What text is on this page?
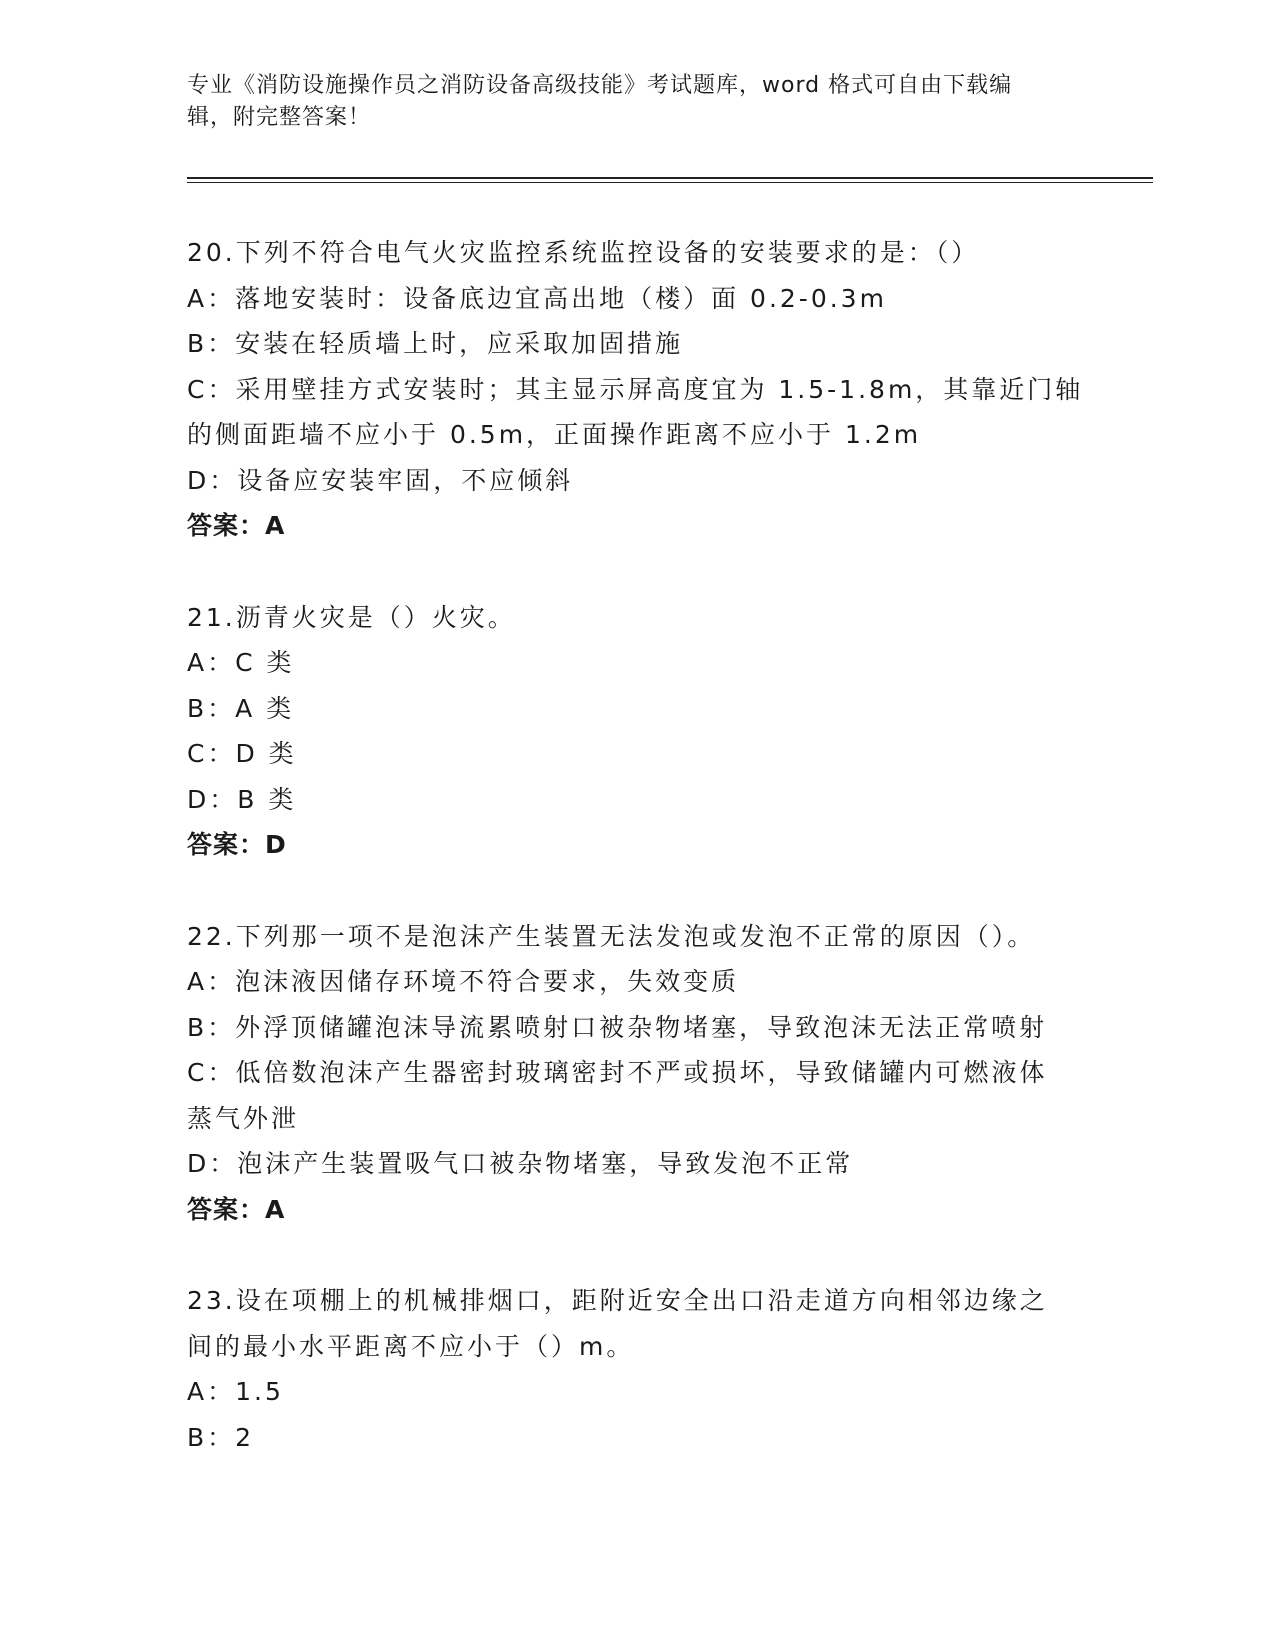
专业《消防设施操作员之消防设备高级技能》考试题库，word 格式可自由下载编
辑，附完整答案！
20.下列不符合电气火灾监控系统监控设备的安装要求的是：（）
A：落地安装时：设备底边宜高出地（楼）面 0.2-0.3m
B：安装在轻质墙上时，应采取加固措施
C：采用壁挂方式安装时；其主显示屏高度宜为 1.5-1.8m，其靠近门轴
的侧面距墙不应小于 0.5m，正面操作距离不应小于 1.2m
D：设备应安装牢固，不应倾斜
答案：A
21.沥青火灾是（）火灾。
A：C 类
B：A 类
C：D 类
D：B 类
答案：D
22.下列那一项不是泡沫产生装置无法发泡或发泡不正常的原因（）。
A：泡沫液因储存环境不符合要求，失效变质
B：外浮顶储罐泡沫导流累喷射口被杂物堵塞，导致泡沫无法正常喷射
C：低倍数泡沫产生器密封玻璃密封不严或损坏，导致储罐内可燃液体
蒸气外泄
D：泡沫产生装置吸气口被杂物堵塞，导致发泡不正常
答案：A
23.设在项棚上的机械排烟口，距附近安全出口沿走道方向相邻边缘之
间的最小水平距离不应小于（）m。
A：1.5
B：2
